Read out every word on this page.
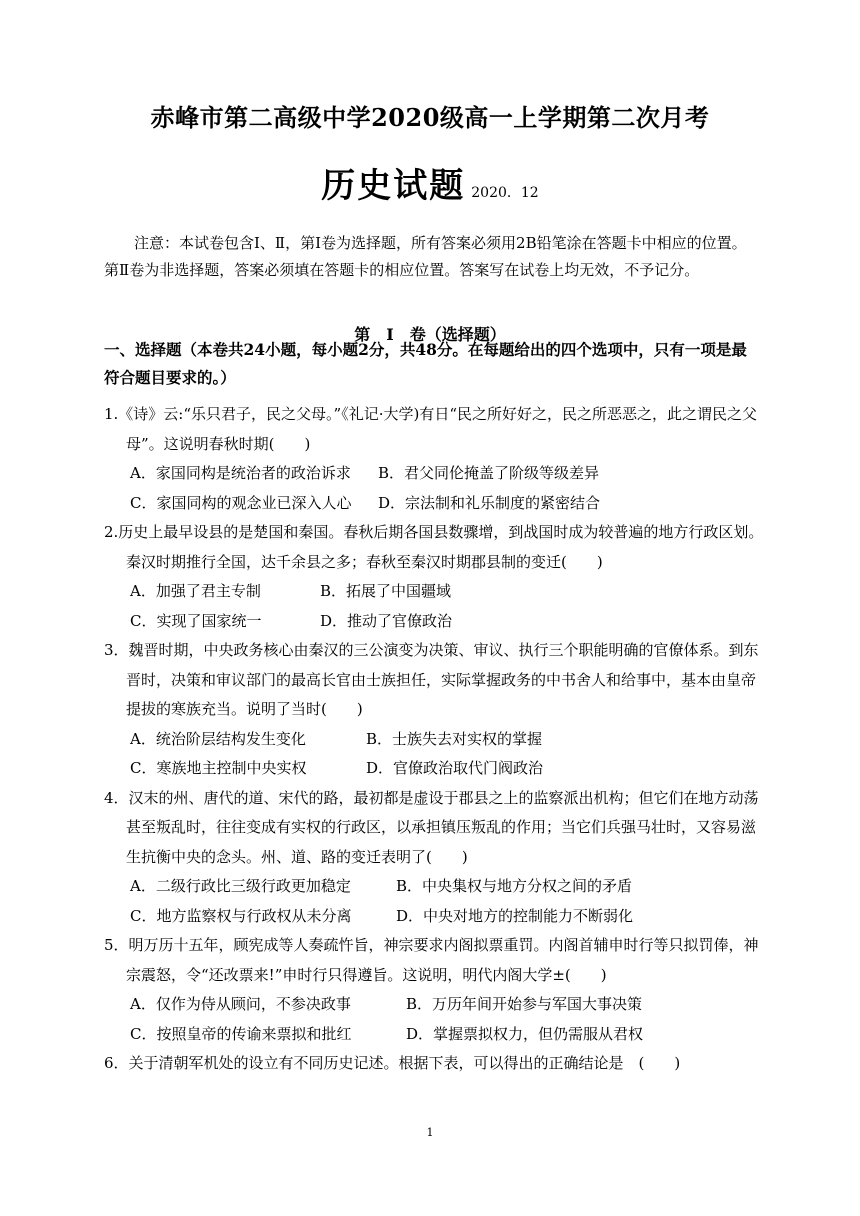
赤峰市第二高级中学2020级高一上学期第二次月考
历史试题 2020．12
注意：本试卷包含Ⅰ、Ⅱ，第Ⅰ卷为选择题，所有答案必须用2B铅笔涂在答题卡中相应的位置。第Ⅱ卷为非选择题，答案必须填在答题卡的相应位置。答案写在试卷上均无效，不予记分。
第　Ⅰ　卷（选择题）
一、选择题（本卷共24小题，每小题2分，共48分。在每题给出的四个选项中，只有一项是最符合题目要求的。）
1.《诗》云:“乐只君子，民之父母。”《礼记·大学)有日“民之所好好之，民之所恶恶之，此之谓民之父母”。这说明春秋时期(　　)
A．家国同构是统治者的政治诉求	B．君父同伦掩盖了阶级等级差异
C．家国同构的观念业已深入人心	D．宗法制和礼乐制度的紧密结合
2.历史上最早设县的是楚国和秦国。春秋后期各国县数骤增，到战国时成为较普遍的地方行政区划。秦汉时期推行全国，达千余县之多；春秋至秦汉时期郡县制的变迁(　　)
A．加强了君主专制	B．拓展了中国疆域
C．实现了国家统一	D．推动了官僚政治
3．魏晋时期，中央政务核心由秦汉的三公演变为决策、审议、执行三个职能明确的官僚体系。到东晋时，决策和审议部门的最高长官由士族担任，实际掌握政务的中书舍人和给事中，基本由皇帝提拔的寒族充当。说明了当时(　　)
A．统治阶层结构发生变化	B．士族失去对实权的掌握
C．寒族地主控制中央实权	D．官僚政治取代门阀政治
4．汉末的州、唐代的道、宋代的路，最初都是虚设于郡县之上的监察派出机构；但它们在地方动荡甚至叛乱时，往往变成有实权的行政区，以承担镇压叛乱的作用；当它们兵强马壮时，又容易滋生抗衡中央的念头。州、道、路的变迁表明了(　　)
A．二级行政比三级行政更加稳定	B．中央集权与地方分权之间的矛盾
C．地方监察权与行政权从未分离	D．中央对地方的控制能力不断弱化
5．明万历十五年，顾宪成等人奏疏忤旨，神宗要求内阁拟票重罚。内阁首辅申时行等只拟罚俸，神宗震怒，令“还改票来!”申时行只得遵旨。这说明，明代内阁大学±(　　)
A．仅作为侍从顾问，不参决政事	B．万历年间开始参与军国大事决策
C．按照皇帝的传谕来票拟和批红	D．掌握票拟权力，但仍需服从君权
6．关于清朝军机处的设立有不同历史记述。根据下表，可以得出的正确结论是　(　　)
1
